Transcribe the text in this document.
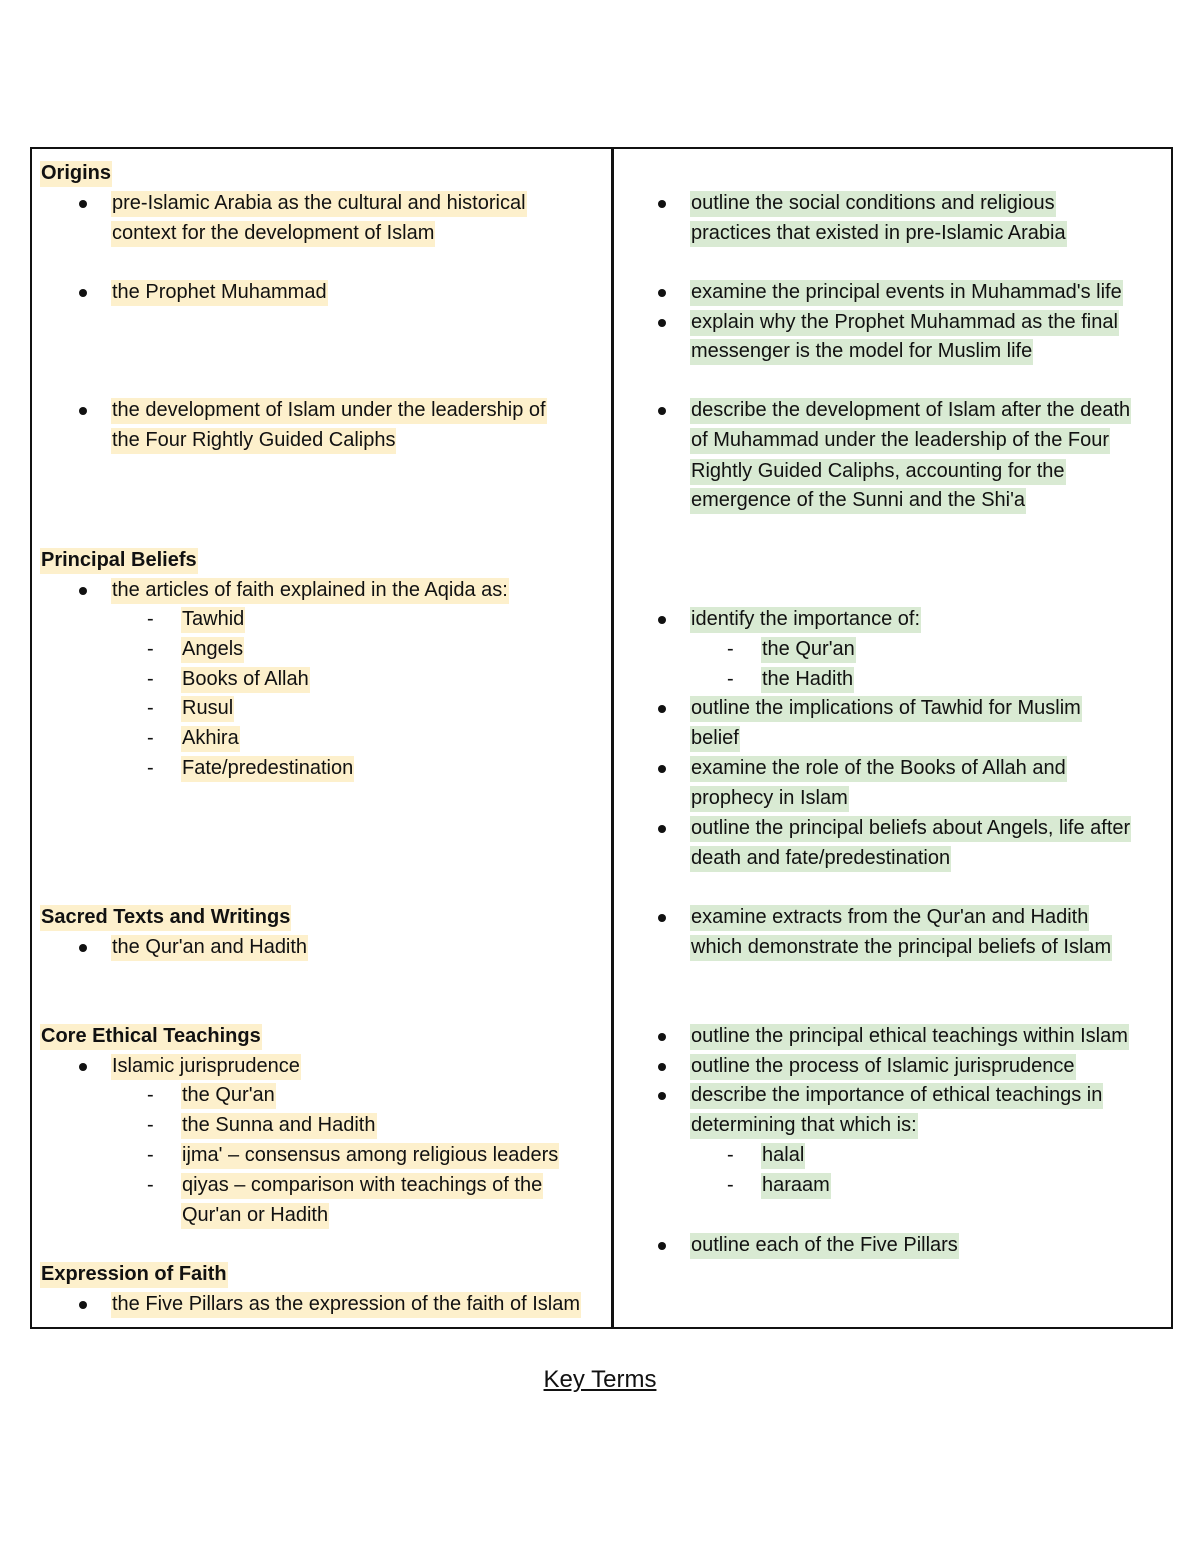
Origins
pre-Islamic Arabia as the cultural and historical
context for the development of Islam
the Prophet Muhammad
the development of Islam under the leadership of
the Four Rightly Guided Caliphs
Principal Beliefs
the articles of faith explained in the Aqida as:
- Tawhid
- Angels
- Books of Allah
- Rusul
- Akhira
- Fate/predestination
Sacred Texts and Writings
the Qur'an and Hadith
Core Ethical Teachings
Islamic jurisprudence
- the Qur'an
- the Sunna and Hadith
- ijma' – consensus among religious leaders
- qiyas – comparison with teachings of the
Qur'an or Hadith
Expression of Faith
the Five Pillars as the expression of the faith of Islam
outline the social conditions and religious
practices that existed in pre-Islamic Arabia
examine the principal events in Muhammad's life
explain why the Prophet Muhammad as the final
messenger is the model for Muslim life
describe the development of Islam after the death
of Muhammad under the leadership of the Four
Rightly Guided Caliphs, accounting for the
emergence of the Sunni and the Shi'a
identify the importance of:
- the Qur'an
- the Hadith
outline the implications of Tawhid for Muslim
belief
examine the role of the Books of Allah and
prophecy in Islam
outline the principal beliefs about Angels, life after
death and fate/predestination
examine extracts from the Qur'an and Hadith
which demonstrate the principal beliefs of Islam
outline the principal ethical teachings within Islam
outline the process of Islamic jurisprudence
describe the importance of ethical teachings in
determining that which is:
- halal
- haraam
outline each of the Five Pillars
Key Terms
